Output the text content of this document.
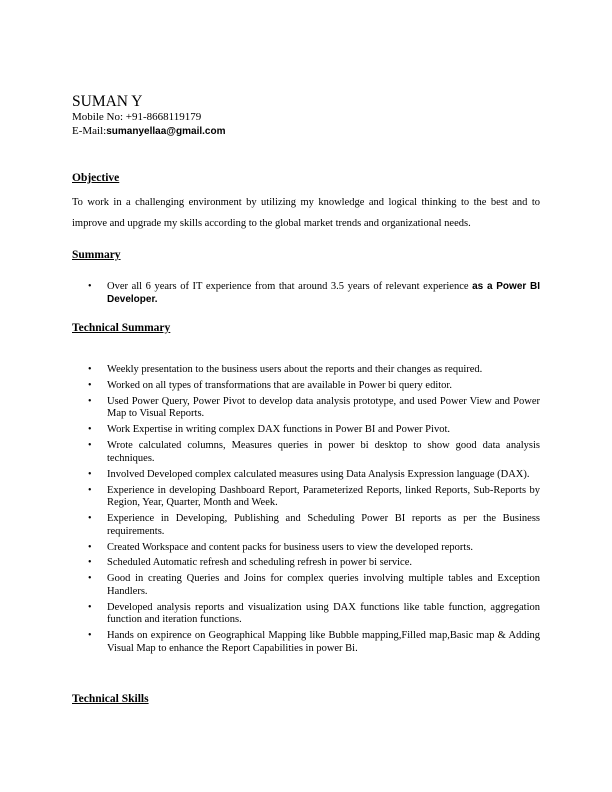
SUMAN Y
Mobile No: +91-8668119179
E-Mail:sumanyellaa@gmail.com
Objective

To work in a challenging environment by utilizing my knowledge and logical thinking to the best and to improve and upgrade my skills according to the global market trends and organizational needs.

Summary
• Over all 6 years of IT experience from that around 3.5 years of relevant experience as a Power BI Developer.
Technical Summary
• Weekly presentation to the business users about the reports and their changes as required.
• Worked on all types of transformations that are available in Power bi query editor.
• Used Power Query, Power Pivot to develop data analysis prototype, and used Power View and Power Map to Visual Reports.
• Work Expertise in writing complex DAX functions in Power BI and Power Pivot.
• Wrote calculated columns, Measures queries in power bi desktop to show good data analysis techniques.
• Involved Developed complex calculated measures using Data Analysis Expression language (DAX).
• Experience in developing Dashboard Report, Parameterized Reports, linked Reports, Sub-Reports by Region, Year, Quarter, Month and Week.
• Experience in Developing, Publishing and Scheduling Power BI reports as per the Business requirements.
• Created Workspace and content packs for business users to view the developed reports.
• Scheduled Automatic refresh and scheduling refresh in power bi service.
• Good in creating Queries and Joins for complex queries involving multiple tables and Exception Handlers.
• Developed analysis reports and visualization using DAX functions like table function, aggregation function and iteration functions.
• Hands on expirence on Geographical Mapping like Bubble mapping,Filled map,Basic map & Adding Visual Map to enhance the Report Capabilities in power Bi.
Technical Skills
